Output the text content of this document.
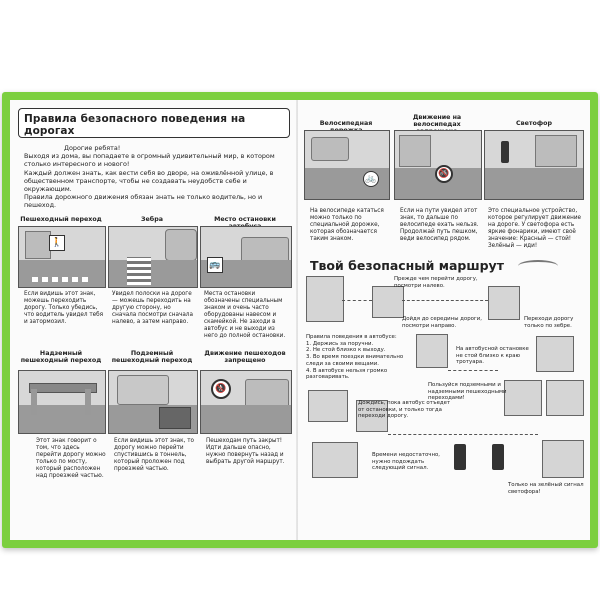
Правила безопасного поведения на дорогах

Дорогие ребята!

Выходя из дома, вы попадаете в огромный удивительный мир, в котором столько интересного и нового!

Каждый должен знать, как вести себя во дворе, на оживлённой улице, в общественном транспорте, чтобы не создавать неудобств себе и окружающим.

Правила дорожного движения обязан знать не только водитель, но и пешеход.

Пешеходный переход	Зебра	Место остановки
🚶
🚌
Если видишь этот знак, можешь переходить дорогу. Только убедись, что водитель увидел тебя и затормозил.
Увидел полоски на дороге — можешь переходить на другую сторону, но сначала посмотри сначала налево, а затем направо.
Места остановки обозначены специальным знаком и очень часто оборудованы навесом и скамейкой. Не заходи в автобус и не выходи из него до полной остановки.
Надземный пешеходный переход
Подземный пешеходный переход
Движение пешеходов запрещено
🚷
Этот знак говорит о том, что здесь перейти дорогу можно только по мосту, который расположен над проезжей частью.
Если видишь этот знак, то дорогу можно перейти спустившись в тоннель, который проложен под проезжей частью.
Пешеходам путь закрыт! Идти дальше опасно, нужно повернуть назад и выбрать другой маршрут.
Велосипедная
Движение на велосипедах	Светофор
🚲	🚳
На велосипеде кататься можно только по специальной дорожке, которая обозначается таким знаком.
Если на пути увидел этот знак, то дальше по велосипеде ехать нельзя. Продолжай путь пешком, веди велосипед рядом.
Это специальное устройство, которое регулирует движение на дороге. У светофора есть яркие фонарики, имеют своё значение: Красный — стой! Зелёный — иди!
Твой безопасный маршрут
Прежде чем перейти дорогу, посмотри налево.
Дойдя до середины дороги, посмотри направо.
Переходи дорогу только по зебре.
Правила поведения в автобусе:
1. Держись за поручни.
2. Не стой близко к выходу.
3. Во время поездки внимательно следи за своими вещами.
4. В автобусе нельзя громко разговаривать.
На автобусной остановке не стой близко к краю тротуара.
Пользуйся подземными и надземными пешеходными переходами!
Дождись, пока автобус отъедет от остановки, и только тогда переходи дорогу.
Времени недостаточно, нужно подождать следующий сигнал.
Только на зелёный сигнал светофора!
